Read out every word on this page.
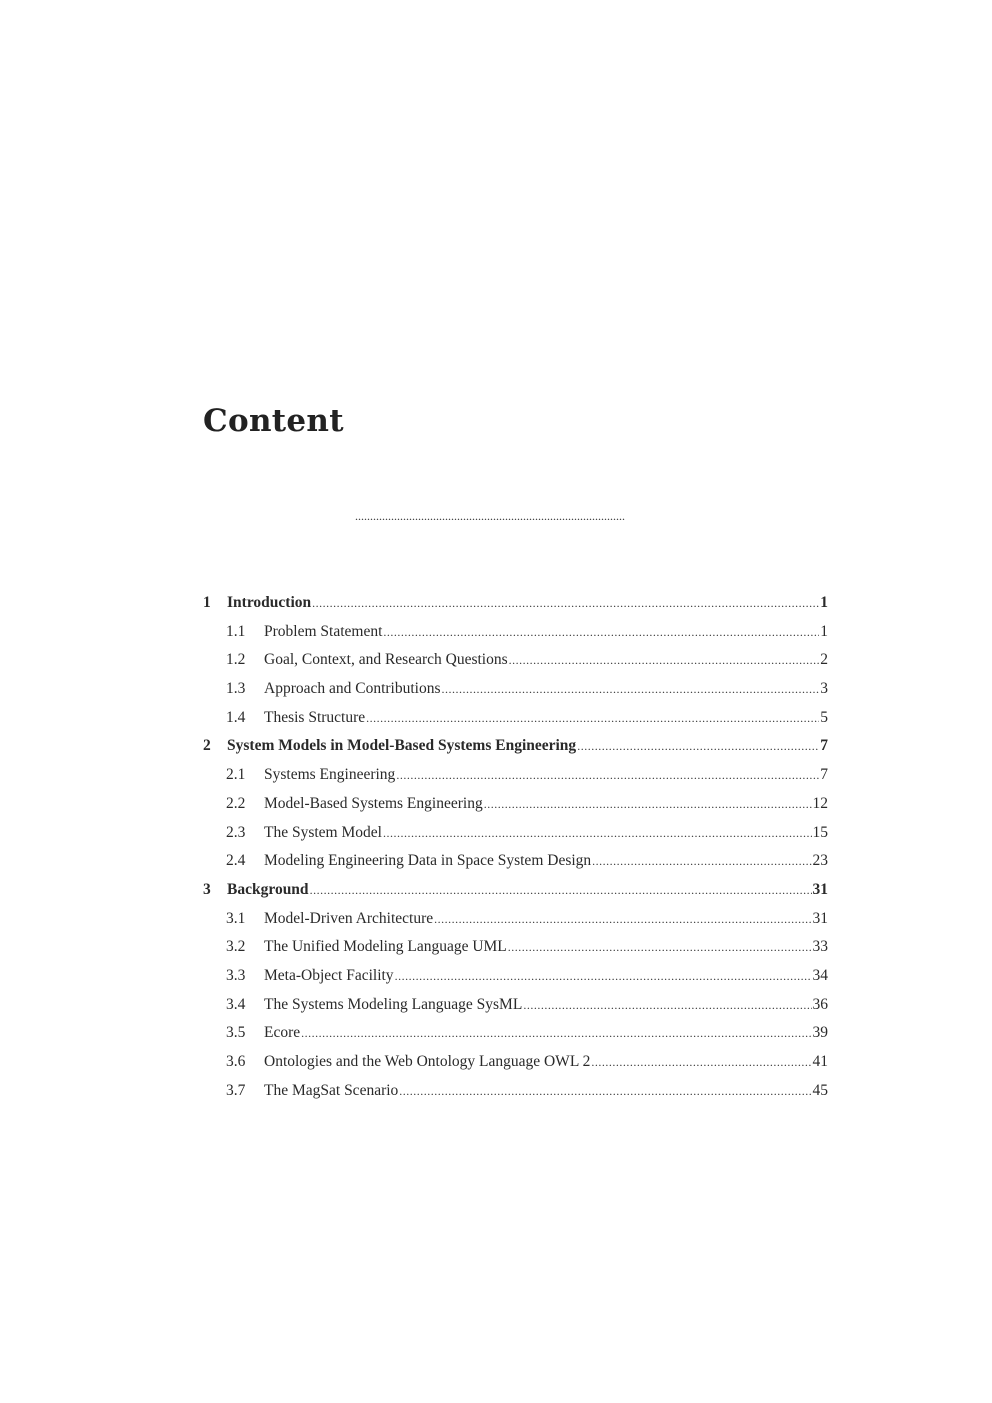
Content
..........................................................................................
1	Introduction .....	1
1.1	Problem Statement .....	1
1.2	Goal, Context, and Research Questions .....	2
1.3	Approach and Contributions .....	3
1.4	Thesis Structure .....	5
2	System Models in Model-Based Systems Engineering .....	7
2.1	Systems Engineering .....	7
2.2	Model-Based Systems Engineering .....	12
2.3	The System Model .....	15
2.4	Modeling Engineering Data in Space System Design .....	23
3	Background .....	31
3.1	Model-Driven Architecture .....	31
3.2	The Unified Modeling Language UML .....	33
3.3	Meta-Object Facility .....	34
3.4	The Systems Modeling Language SysML .....	36
3.5	Ecore .....	39
3.6	Ontologies and the Web Ontology Language OWL 2 .....	41
3.7	The MagSat Scenario .....	45
